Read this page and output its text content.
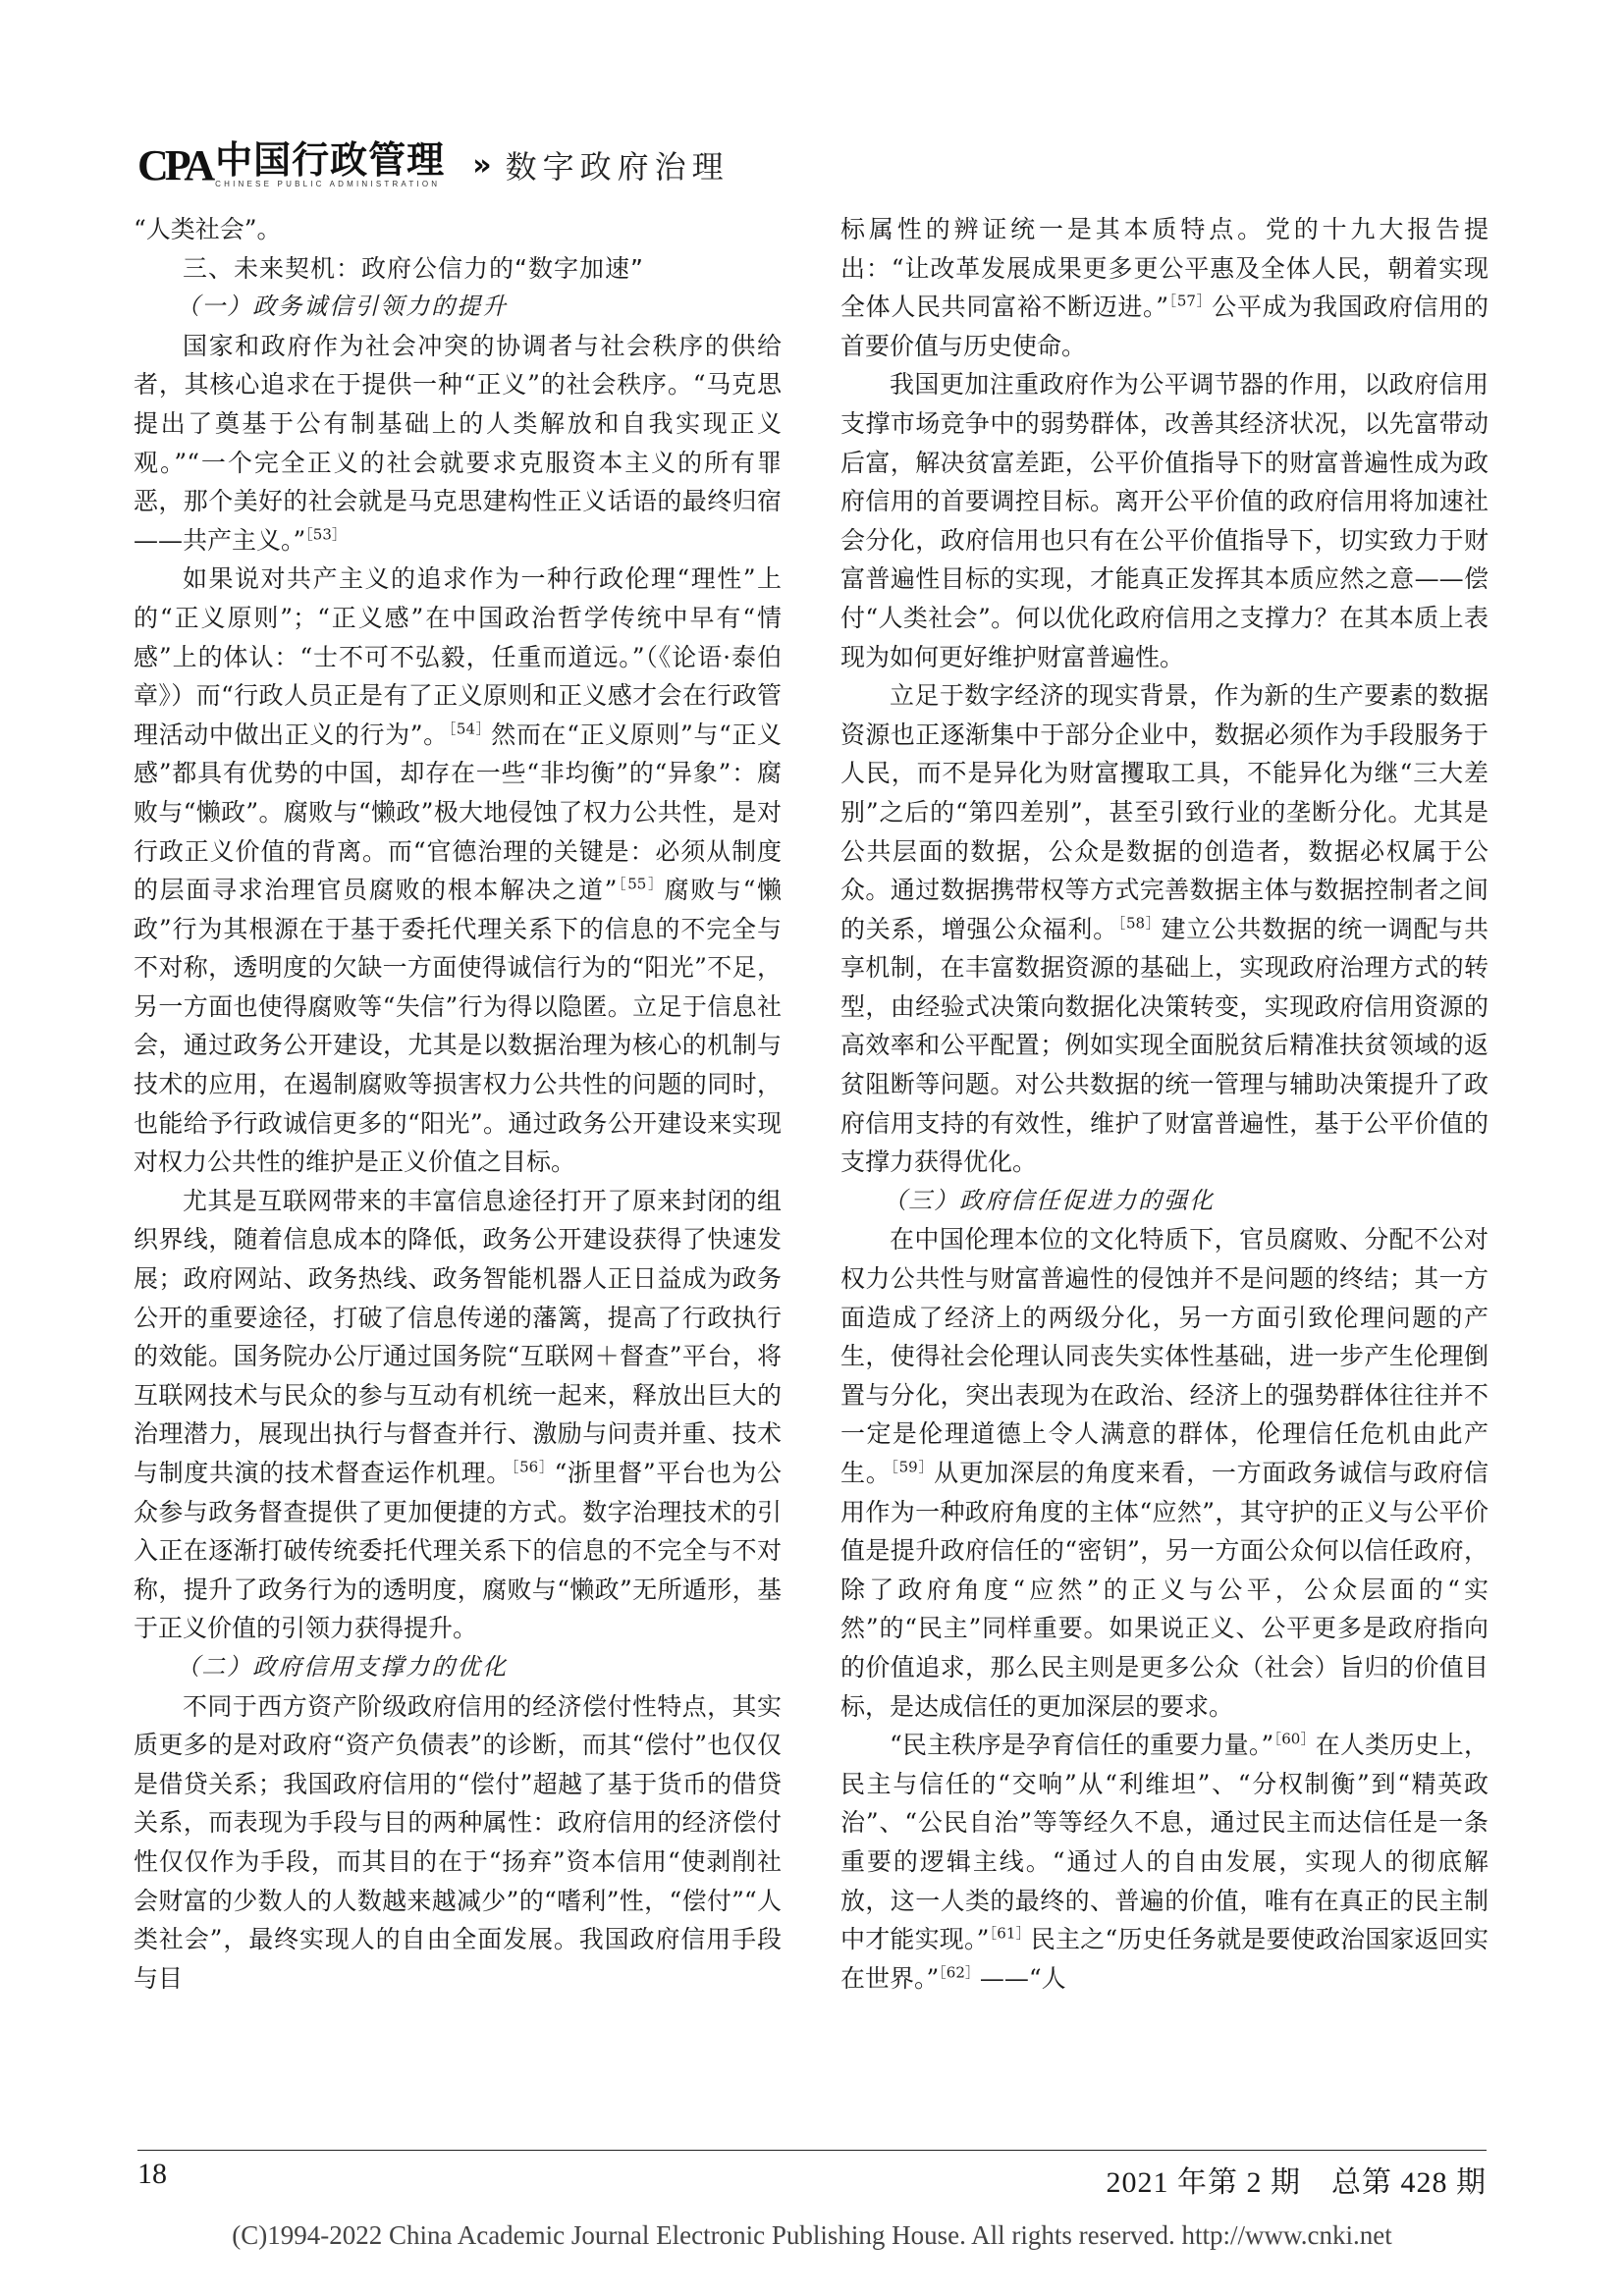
CPA 中国行政管理
CHINESE PUBLIC ADMINISTRATION
» 数字政府治理

“人类社会”。

三、未来契机：政府公信力的“数字加速”

（一）政务诚信引领力的提升

国家和政府作为社会冲突的协调者与社会秩序的供给者，其核心追求在于提供一种“正义”的社会秩序。“马克思提出了奠基于公有制基础上的人类解放和自我实现正义观。”“一个完全正义的社会就要求克服资本主义的所有罪恶，那个美好的社会就是马克思建构性正义话语的最终归宿——共产主义。”$^{[53]}$

如果说对共产主义的追求作为一种行政伦理“理性”上的“正义原则”；“正义感”在中国政治哲学传统中早有“情感”上的体认：“士不可不弘毅，任重而道远。”（《论语·泰伯章》）而“行政人员正是有了正义原则和正义感才会在行政管理活动中做出正义的行为”。$^{[54]}$然而在“正义原则”与“正义感”都具有优势的中国，却存在一些“非均衡”的“异象”：腐败与“懒政”。腐败与“懒政”极大地侵蚀了权力公共性，是对行政正义价值的背离。而“官德治理的关键是：必须从制度的层面寻求治理官员腐败的根本解决之道”$^{[55]}$腐败与“懒政”行为其根源在于基于委托代理关系下的信息的不完全与不对称，透明度的欠缺一方面使得诚信行为的“阳光”不足，另一方面也使得腐败等“失信”行为得以隐匿。立足于信息社会，通过政务公开建设，尤其是以数据治理为核心的机制与技术的应用，在遏制腐败等损害权力公共性的问题的同时，也能给予行政诚信更多的“阳光”。通过政务公开建设来实现对权力公共性的维护是正义价值之目标。

尤其是互联网带来的丰富信息途径打开了原来封闭的组织界线，随着信息成本的降低，政务公开建设获得了快速发展；政府网站、政务热线、政务智能机器人正日益成为政务公开的重要途径，打破了信息传递的藩篱，提高了行政执行的效能。国务院办公厅通过国务院“互联网＋督查”平台，将互联网技术与民众的参与互动有机统一起来，释放出巨大的治理潜力，展现出执行与督查并行、激励与问责并重、技术与制度共演的技术督查运作机理。$^{[56]}$“浙里督”平台也为公众参与政务督查提供了更加便捷的方式。数字治理技术的引入正在逐渐打破传统委托代理关系下的信息的不完全与不对称，提升了政务行为的透明度，腐败与“懒政”无所遁形，基于正义价值的引领力获得提升。

（二）政府信用支撑力的优化

不同于西方资产阶级政府信用的经济偿付性特点，其实质更多的是对政府“资产负债表”的诊断，而其“偿付”也仅仅是借贷关系；我国政府信用的“偿付”超越了基于货币的借贷关系，而表现为手段与目的两种属性：政府信用的经济偿付性仅仅作为手段，而其目的在于“扬弃”资本信用“使剥削社会财富的少数人的人数越来越减少”的“嗜利”性，“偿付”“人类社会”，最终实现人的自由全面发展。我国政府信用手段与目

标属性的辨证统一是其本质特点。党的十九大报告提出：“让改革发展成果更多更公平惠及全体人民，朝着实现全体人民共同富裕不断迈进。”$^{[57]}$公平成为我国政府信用的首要价值与历史使命。

我国更加注重政府作为公平调节器的作用，以政府信用支撑市场竞争中的弱势群体，改善其经济状况，以先富带动后富，解决贫富差距，公平价值指导下的财富普遍性成为政府信用的首要调控目标。离开公平价值的政府信用将加速社会分化，政府信用也只有在公平价值指导下，切实致力于财富普遍性目标的实现，才能真正发挥其本质应然之意——偿付“人类社会”。何以优化政府信用之支撑力？在其本质上表现为如何更好维护财富普遍性。

立足于数字经济的现实背景，作为新的生产要素的数据资源也正逐渐集中于部分企业中，数据必须作为手段服务于人民，而不是异化为财富攫取工具，不能异化为继“三大差别”之后的“第四差别”，甚至引致行业的垄断分化。尤其是公共层面的数据，公众是数据的创造者，数据必权属于公众。通过数据携带权等方式完善数据主体与数据控制者之间的关系，增强公众福利。$^{[58]}$建立公共数据的统一调配与共享机制，在丰富数据资源的基础上，实现政府治理方式的转型，由经验式决策向数据化决策转变，实现政府信用资源的高效率和公平配置；例如实现全面脱贫后精准扶贫领域的返贫阻断等问题。对公共数据的统一管理与辅助决策提升了政府信用支持的有效性，维护了财富普遍性，基于公平价值的支撑力获得优化。

（三）政府信任促进力的强化

在中国伦理本位的文化特质下，官员腐败、分配不公对权力公共性与财富普遍性的侵蚀并不是问题的终结；其一方面造成了经济上的两级分化，另一方面引致伦理问题的产生，使得社会伦理认同丧失实体性基础，进一步产生伦理倒置与分化，突出表现为在政治、经济上的强势群体往往并不一定是伦理道德上令人满意的群体，伦理信任危机由此产生。$^{[59]}$从更加深层的角度来看，一方面政务诚信与政府信用作为一种政府角度的主体“应然”，其守护的正义与公平价值是提升政府信任的“密钥”，另一方面公众何以信任政府，除了政府角度“应然”的正义与公平，公众层面的“实然”的“民主”同样重要。如果说正义、公平更多是政府指向的价值追求，那么民主则是更多公众（社会）旨归的价值目标，是达成信任的更加深层的要求。

“民主秩序是孕育信任的重要力量。”$^{[60]}$在人类历史上，民主与信任的“交响”从“利维坦”、“分权制衡”到“精英政治”、“公民自治”等等经久不息，通过民主而达信任是一条重要的逻辑主线。“通过人的自由发展，实现人的彻底解放，这一人类的最终的、普遍的价值，唯有在真正的民主制中才能实现。”$^{[61]}$民主之“历史任务就是要使政治国家返回实在世界。”$^{[62]}$——“人

18	2021 年第 2 期　总第 428 期
(C)1994-2022 China Academic Journal Electronic Publishing House. All rights reserved. http://www.cnki.net
